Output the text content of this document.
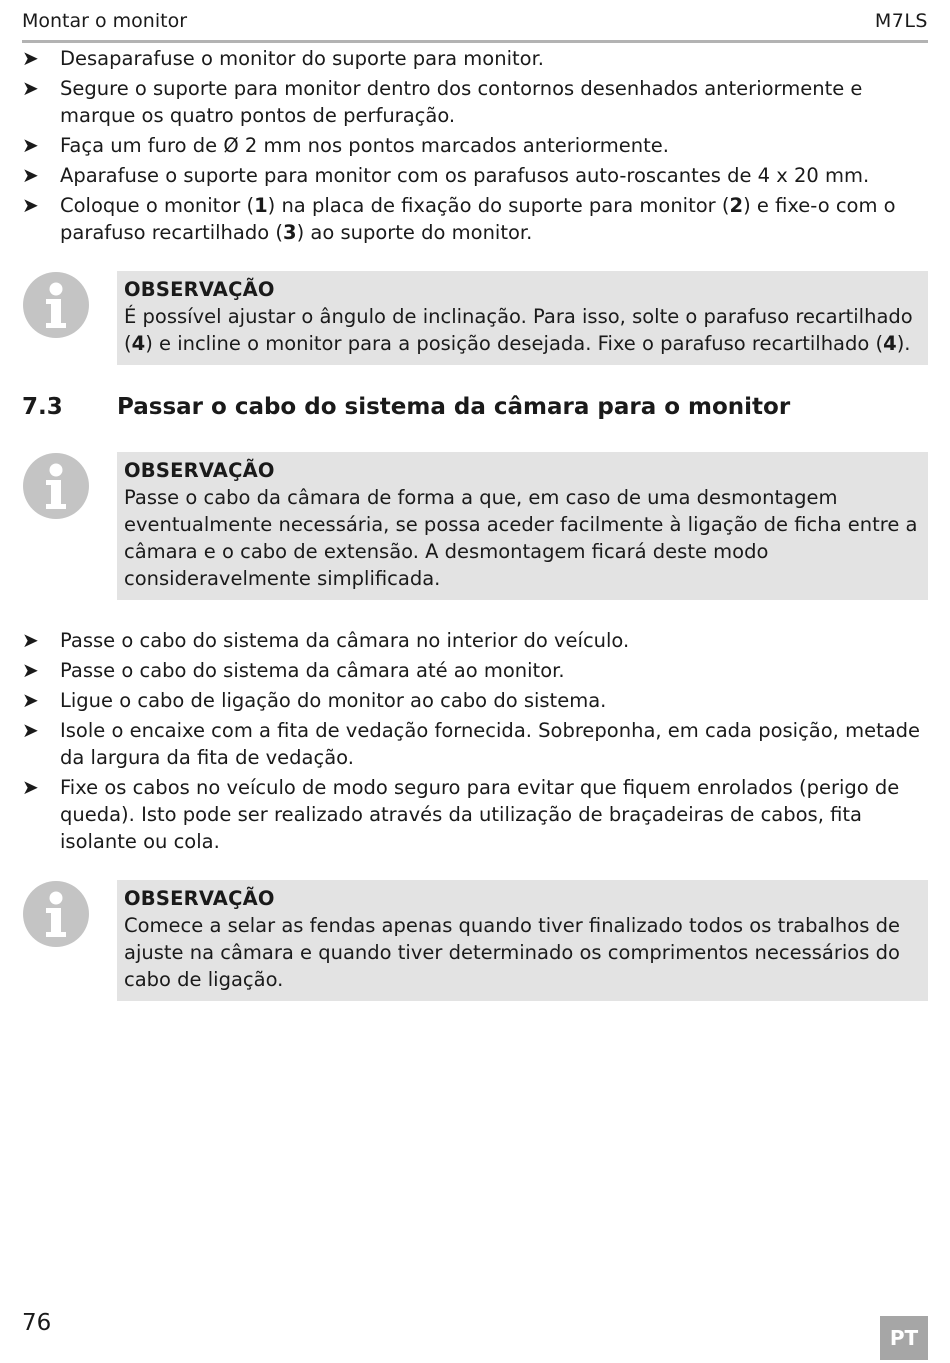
Montar o monitor	M7LS
➤ Desaparafuse o monitor do suporte para monitor.
➤ Segure o suporte para monitor dentro dos contornos desenhados anteriormente e marque os quatro pontos de perfuração.
➤ Faça um furo de Ø 2 mm nos pontos marcados anteriormente.
➤ Aparafuse o suporte para monitor com os parafusos auto-roscantes de 4 x 20 mm.
➤ Coloque o monitor (1) na placa de fixação do suporte para monitor (2) e fixe-o com o parafuso recartilhado (3) ao suporte do monitor.
OBSERVAÇÃO
É possível ajustar o ângulo de inclinação. Para isso, solte o parafuso recartilhado (4) e incline o monitor para a posição desejada. Fixe o parafuso recartilhado (4).
7.3 Passar o cabo do sistema da câmara para o monitor
OBSERVAÇÃO
Passe o cabo da câmara de forma a que, em caso de uma desmontagem eventualmente necessária, se possa aceder facilmente à ligação de ficha entre a câmara e o cabo de extensão. A desmontagem ficará deste modo consideravelmente simplificada.
➤ Passe o cabo do sistema da câmara no interior do veículo.
➤ Passe o cabo do sistema da câmara até ao monitor.
➤ Ligue o cabo de ligação do monitor ao cabo do sistema.
➤ Isole o encaixe com a fita de vedação fornecida. Sobreponha, em cada posição, metade da largura da fita de vedação.
➤ Fixe os cabos no veículo de modo seguro para evitar que fiquem enrolados (perigo de queda). Isto pode ser realizado através da utilização de braçadeiras de cabos, fita isolante ou cola.
OBSERVAÇÃO
Comece a selar as fendas apenas quando tiver finalizado todos os trabalhos de ajuste na câmara e quando tiver determinado os comprimentos necessários do cabo de ligação.
76
PT
